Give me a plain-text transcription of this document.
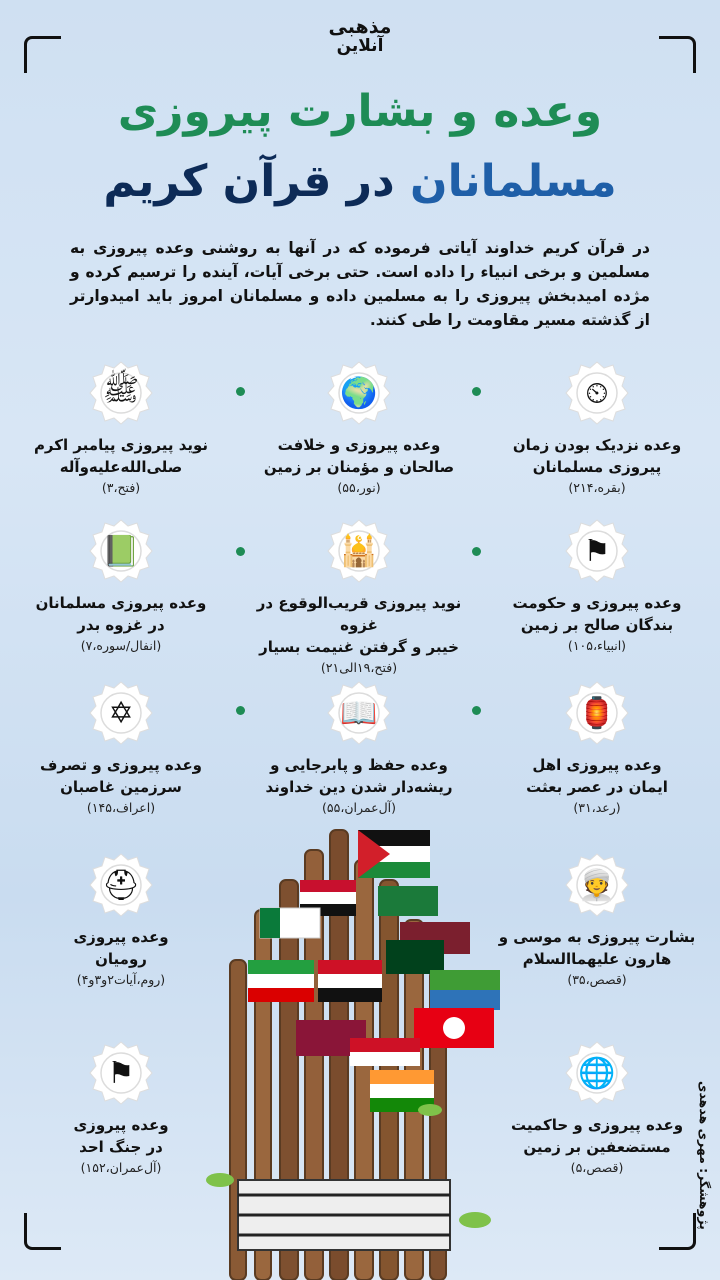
مذهبی
آنلاین
وعده و بشارت پیروزی
مسلمانان در قرآن کریم
در قرآن کریم خداوند آیاتی فرموده که در آنها به روشنی وعده پیروزی به مسلمین و برخی انبیاء را داده است. حتی برخی آیات، آینده را ترسیم کرده و مژده امیدبخش پیروزی را به مسلمین داده و مسلمانان امروز باید امیدوارتر از گذشته مسیر مقاومت را طی کنند.
پژوهشگر: مهری هدهدی
⏲
وعده نزدیک بودن زمان
پیروزی مسلمانان
(بقره،۲۱۴)
🌍
وعده پیروزی و خلافت
صالحان و مؤمنان بر زمین
(نور،۵۵)
ﷺ
نوید پیروزی پیامبر اکرم
صلی‌الله‌علیه‌وآله
(فتح،۳)
⚑
وعده پیروزی و حکومت
بندگان صالح بر زمین
(انبیاء،۱۰۵)
🕌
نوید پیروزی قریب‌الوقوع در غزوه
خیبر و گرفتن غنیمت بسیار
(فتح،۱۹الی۲۱)
📗
وعده پیروزی مسلمانان
در غزوه بدر
(انفال/سوره،۷)
🏮
وعده پیروزی اهل
ایمان در عصر بعثت
(رعد،۳۱)
📖
وعده حفظ و پابرجایی و
ریشه‌دار شدن دین خداوند
(آل‌عمران،۵۵)
✡
وعده پیروزی و تصرف
سرزمین غاصبان
(اعراف،۱۴۵)
👳
بشارت پیروزی به موسی و
هارون علیهماالسلام
(قصص،۳۵)
⛑
وعده پیروزی
رومیان
(روم،آیات۲و۳و۴)
🌐
وعده پیروزی و حاکمیت
مستضعفین بر زمین
(قصص،۵)
⚑
وعده پیروزی
در جنگ احد
(آل‌عمران،۱۵۲)
